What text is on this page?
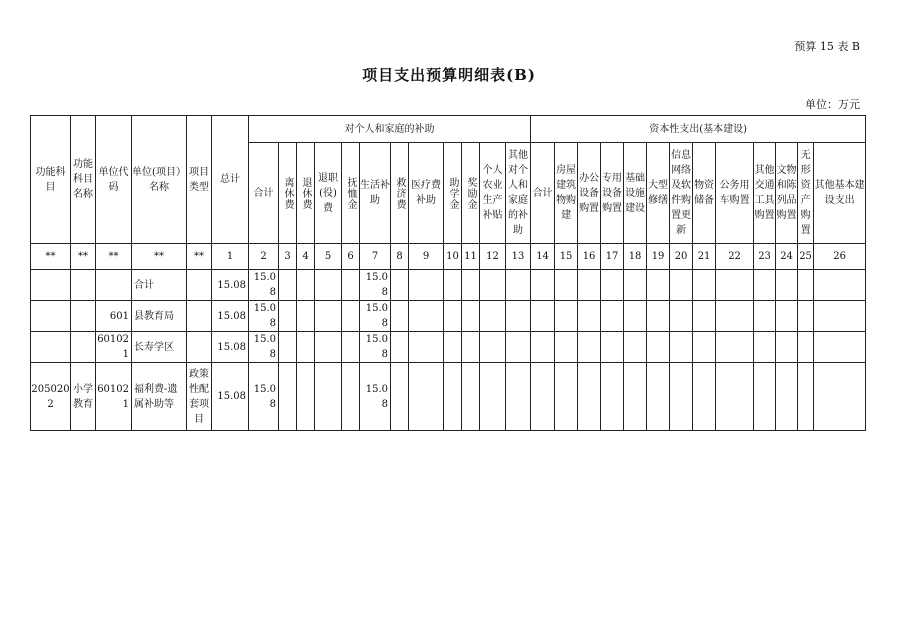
预算 15 表 B
项目支出预算明细表(B)
单位：万元
功能科目	功能科目名称	单位代码	单位(项目）名称	项目类型	总计	对个人和家庭的补助												资本性支出(基本建设)												

						合计	离休费	退休费	退职(役)费	抚恤金	生活补助	救济费	医疗费补助	助学金	奖励金	个人农业生产补贴	其他对个人和家庭的补助	合计	房屋建筑物购建	办公设备购置	专用设备购置	基础设施建设	大型修缮	信息网络及软件购置更新	物资储备	公务用车购置	其他交通工具购置	文物和陈列品购置	无形资产购置	其他基本建设支出

**	**	**	**	**	1	2	3	4	5	6	7	8	9	10	11	12	13	14	15	16	17	18	19	20	21	22	23	24	25	26
			合计		15.08	15.08					15.08																			
		601	县教育局		15.08	15.08					15.08																			
		601021	长寿学区		15.08	15.08					15.08																			
2050202	小学教育	601021	福利费-遗属补助等	政策性配套项目	15.08	15.08					15.08																			
